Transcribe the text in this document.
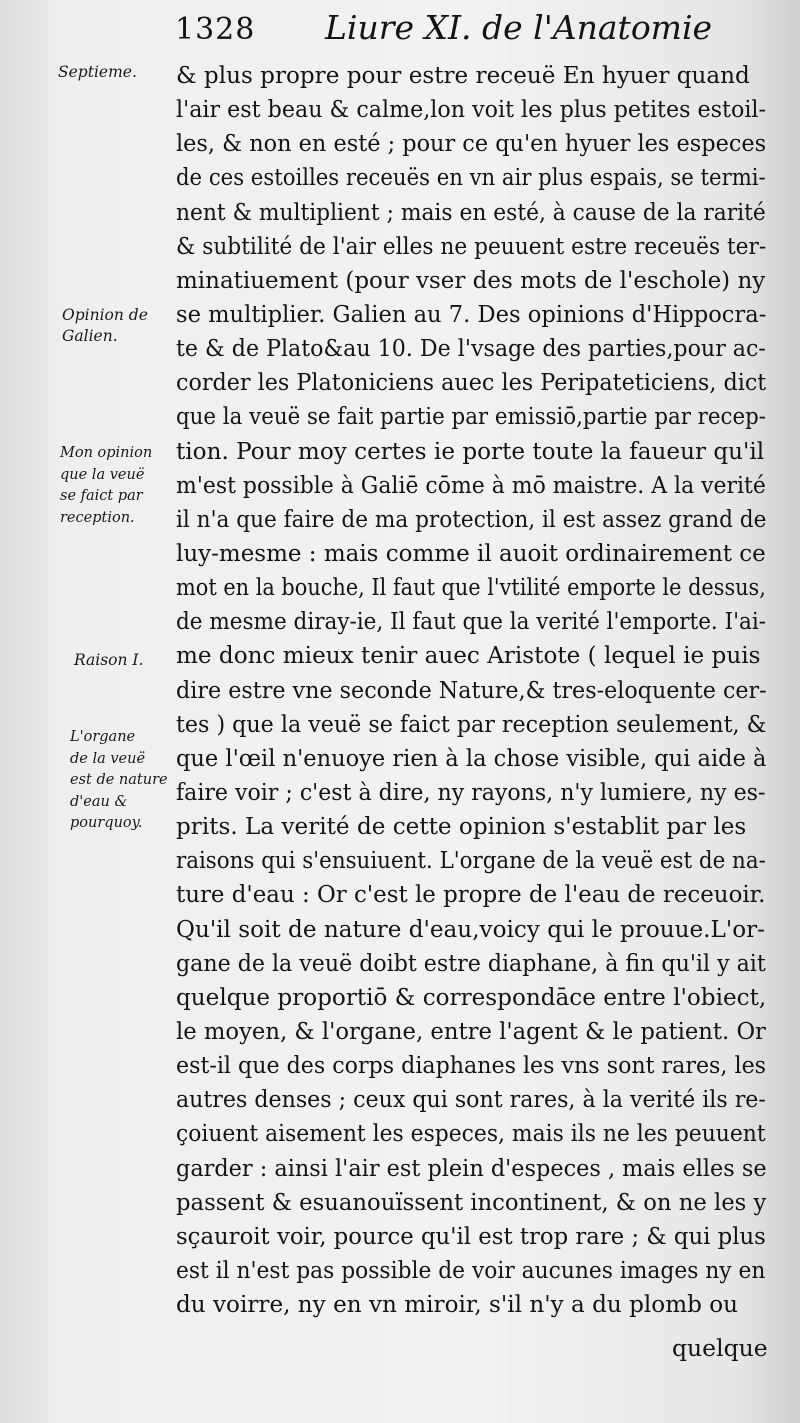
1328 Liure XI. de l'Anatomie
Septieme.
Opinion de
Galien.
Mon opinion
que la veuë
se faict par
reception.
Raison I.
L'organe
de la veuë
est de nature
d'eau &
pourquoy.
& plus propre pour estre receuë En hyuer quand
l'air est beau & calme,lon voit les plus petites estoil-
les, & non en esté ; pour ce qu'en hyuer les especes
de ces estoilles receuës en vn air plus espais, se termi-
nent & multiplient ; mais en esté, à cause de la rarité
& subtilité de l'air elles ne peuuent estre receuës ter-
minatiuement (pour vser des mots de l'eschole) ny
se multiplier. Galien au 7. Des opinions d'Hippocra-
te & de Plato&au 10. De l'vsage des parties,pour ac-
corder les Platoniciens auec les Peripateticiens, dict
que la veuë se fait partie par emissiō,partie par recep-
tion. Pour moy certes ie porte toute la faueur qu'il
m'est possible à Galiē cōme à mō maistre. A la verité
il n'a que faire de ma protection, il est assez grand de
luy-mesme : mais comme il auoit ordinairement ce
mot en la bouche, Il faut que l'vtilité emporte le dessus,
de mesme diray-ie, Il faut que la verité l'emporte. I'ai-
me donc mieux tenir auec Aristote ( lequel ie puis
dire estre vne seconde Nature,& tres-eloquente cer-
tes ) que la veuë se faict par reception seulement, &
que l'œil n'enuoye rien à la chose visible, qui aide à
faire voir ; c'est à dire, ny rayons, n'y lumiere, ny es-
prits. La verité de cette opinion s'establit par les
raisons qui s'ensuiuent. L'organe de la veuë est de na-
ture d'eau : Or c'est le propre de l'eau de receuoir.
Qu'il soit de nature d'eau,voicy qui le prouue.L'or-
gane de la veuë doibt estre diaphane, à fin qu'il y ait
quelque proportiō & correspondāce entre l'obiect,
le moyen, & l'organe, entre l'agent & le patient. Or
est-il que des corps diaphanes les vns sont rares, les
autres denses ; ceux qui sont rares, à la verité ils re-
çoiuent aisement les especes, mais ils ne les peuuent
garder : ainsi l'air est plein d'especes , mais elles se
passent & esuanouïssent incontinent, & on ne les y
sçauroit voir, pource qu'il est trop rare ; & qui plus
est il n'est pas possible de voir aucunes images ny en
du voirre, ny en vn miroir, s'il n'y a du plomb ou
quelque
